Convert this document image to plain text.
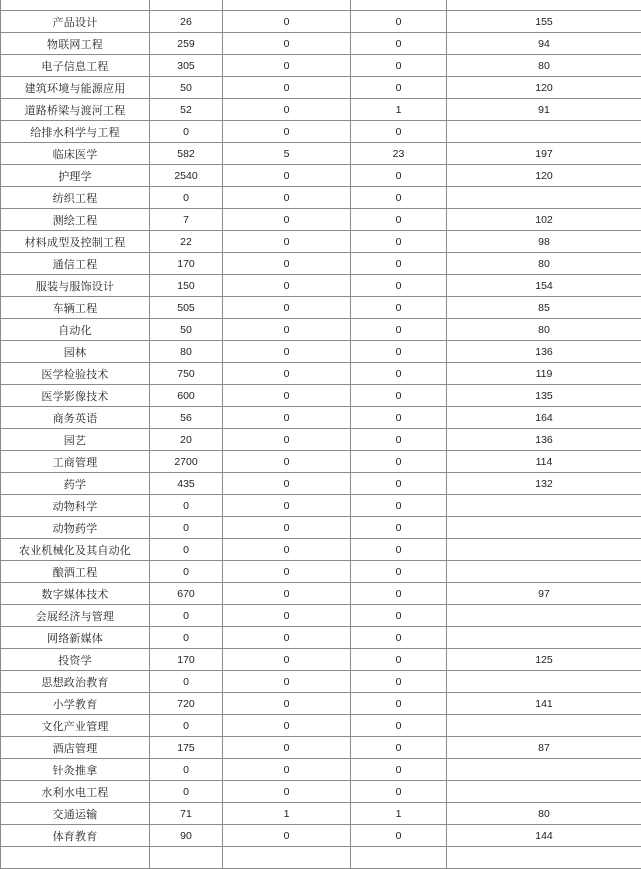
产品设计	26	0	0	155
物联网工程	259	0	0	94
电子信息工程	305	0	0	80
建筑环境与能源应用	50	0	0	120
道路桥梁与渡河工程	52	0	1	91
给排水科学与工程	0	0	0	
临床医学	582	5	23	197
护理学	2540	0	0	120
纺织工程	0	0	0	
测绘工程	7	0	0	102
材料成型及控制工程	22	0	0	98
通信工程	170	0	0	80
服装与服饰设计	150	0	0	154
车辆工程	505	0	0	85
自动化	50	0	0	80
园林	80	0	0	136
医学检验技术	750	0	0	119
医学影像技术	600	0	0	135
商务英语	56	0	0	164
园艺	20	0	0	136
工商管理	2700	0	0	114
药学	435	0	0	132
动物科学	0	0	0	
动物药学	0	0	0	
农业机械化及其自动化	0	0	0	
酿酒工程	0	0	0	
数字媒体技术	670	0	0	97
会展经济与管理	0	0	0	
网络新媒体	0	0	0	
投资学	170	0	0	125
思想政治教育	0	0	0	
小学教育	720	0	0	141
文化产业管理	0	0	0	
酒店管理	175	0	0	87
针灸推拿	0	0	0	
水利水电工程	0	0	0	
交通运输	71	1	1	80
体育教育	90	0	0	144
